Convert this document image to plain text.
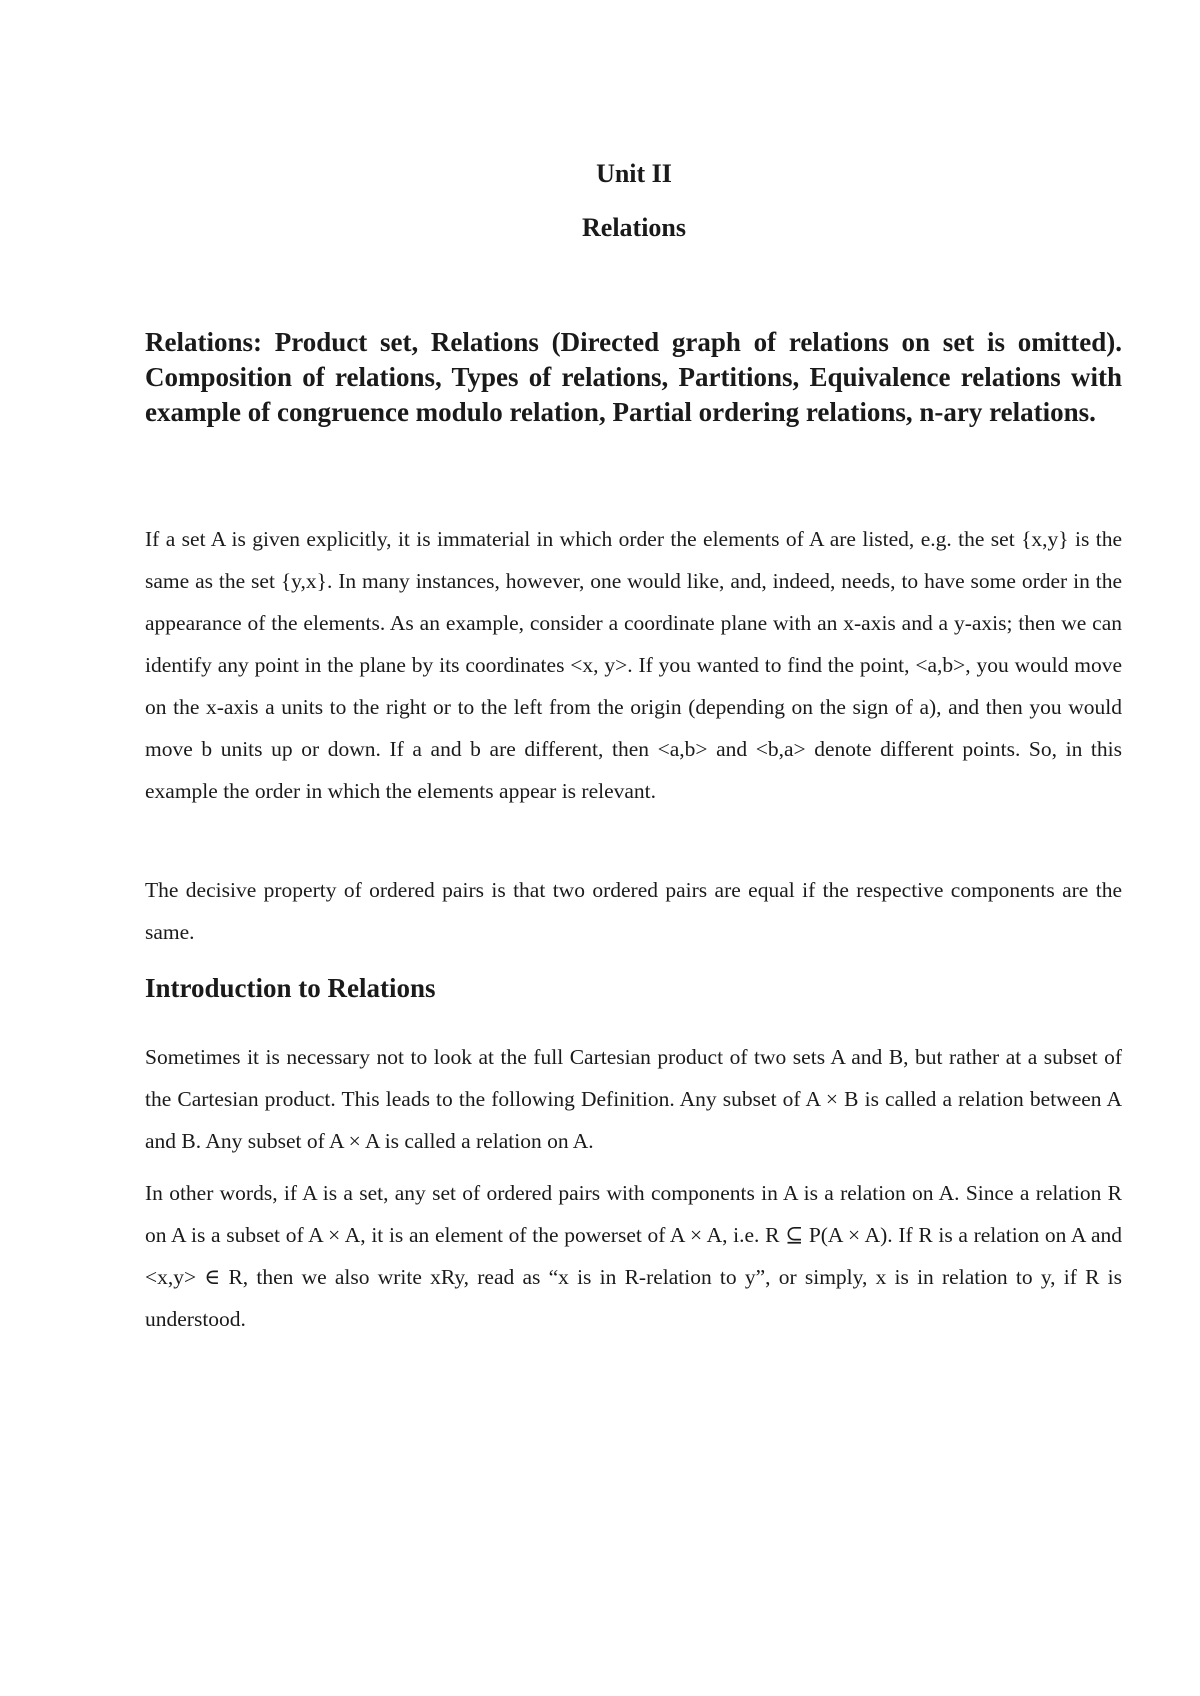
Unit II
Relations

Relations: Product set, Relations (Directed graph of relations on set is omitted). Composition of relations, Types of relations, Partitions, Equivalence relations with example of congruence modulo relation, Partial ordering relations, n-ary relations.

If a set A is given explicitly, it is immaterial in which order the elements of A are listed, e.g. the set {x,y} is the same as the set {y,x}. In many instances, however, one would like, and, indeed, needs, to have some order in the appearance of the elements. As an example, consider a coordinate plane with an x-axis and a y-axis; then we can identify any point in the plane by its coordinates <x, y>. If you wanted to find the point, <a,b>, you would move on the x-axis a units to the right or to the left from the origin (depending on the sign of a), and then you would move b units up or down. If a and b are different, then <a,b> and <b,a> denote different points. So, in this example the order in which the elements appear is relevant.

The decisive property of ordered pairs is that two ordered pairs are equal if the respective components are the same.

Introduction to Relations

Sometimes it is necessary not to look at the full Cartesian product of two sets A and B, but rather at a subset of the Cartesian product. This leads to the following Definition. Any subset of A × B is called a relation between A and B. Any subset of A × A is called a relation on A.

In other words, if A is a set, any set of ordered pairs with components in A is a relation on A. Since a relation R on A is a subset of A × A, it is an element of the powerset of A × A, i.e. R ⊆ P(A × A). If R is a relation on A and <x,y> ∈ R, then we also write xRy, read as “x is in R-relation to y”, or simply, x is in relation to y, if R is understood.
